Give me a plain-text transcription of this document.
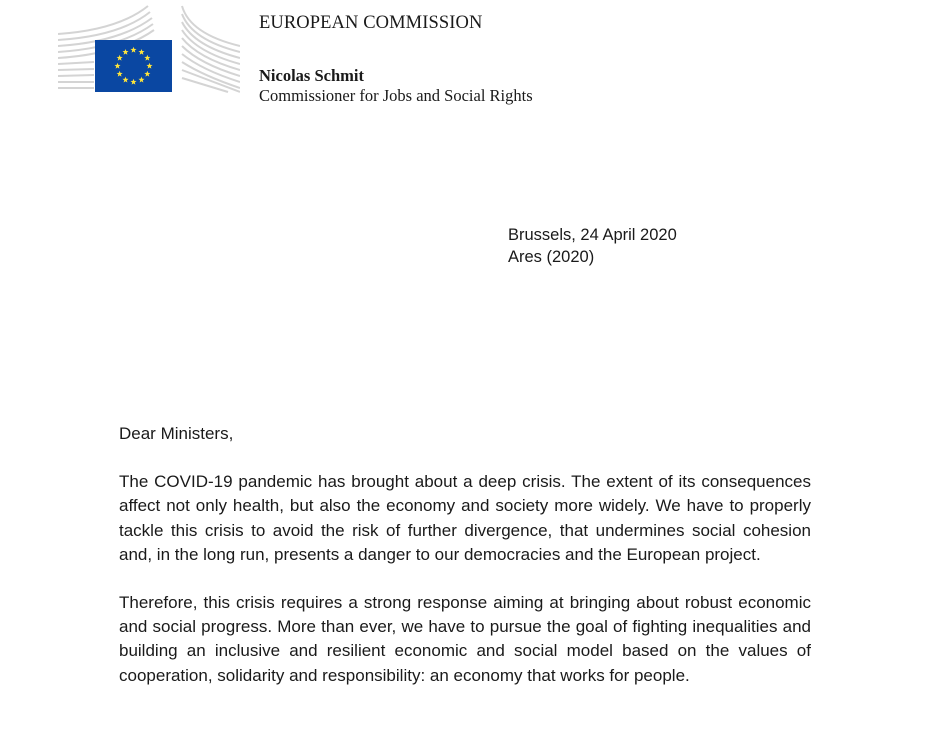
EUROPEAN COMMISSION
Nicolas Schmit
Commissioner for Jobs and Social Rights
Brussels, 24 April 2020
Ares (2020)

Dear Ministers,

The COVID-19 pandemic has brought about a deep crisis. The extent of its consequences affect not only health, but also the economy and society more widely. We have to properly tackle this crisis to avoid the risk of further divergence, that undermines social cohesion and, in the long run, presents a danger to our democracies and the European project.

Therefore, this crisis requires a strong response aiming at bringing about robust economic and social progress. More than ever, we have to pursue the goal of fighting inequalities and building an inclusive and resilient economic and social model based on the values of cooperation, solidarity and responsibility: an economy that works for people.
